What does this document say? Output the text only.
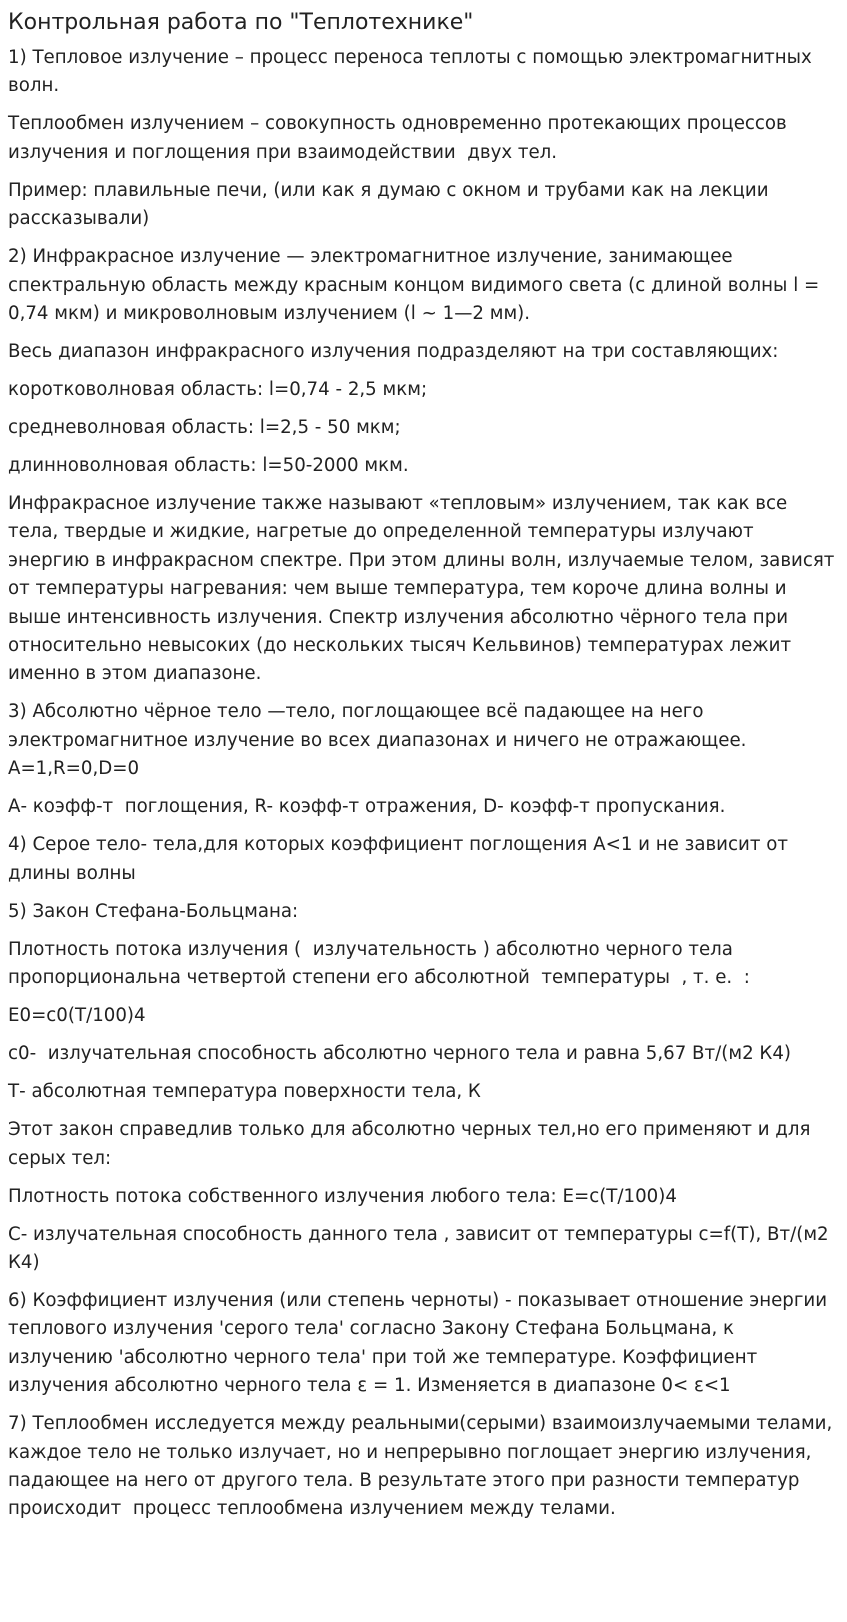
Контрольная работа по "Теплотехнике"

1) Тепловое излучение – процесс переноса теплоты с помощью электромагнитных волн.

Теплообмен излучением – совокупность одновременно протекающих процессов излучения и поглощения при взаимодействии  двух тел.

Пример: плавильные печи, (или как я думаю с окном и трубами как на лекции рассказывали)

2) Инфракрасное излучение — электромагнитное излучение, занимающее спектральную область между красным концом видимого света (с длиной волны l = 0,74 мкм) и микроволновым излучением (l ~ 1—2 мм).

Весь диапазон инфракрасного излучения подразделяют на три составляющих:

коротковолновая область: l=0,74 - 2,5 мкм;

средневолновая область: l=2,5 - 50 мкм;

длинноволновая область: l=50-2000 мкм.

Инфракрасное излучение также называют «тепловым» излучением, так как все тела, твердые и жидкие, нагретые до определенной температуры излучают энергию в инфракрасном спектре. При этом длины волн, излучаемые телом, зависят от температуры нагревания: чем выше температура, тем короче длина волны и выше интенсивность излучения. Спектр излучения абсолютно чёрного тела при относительно невысоких (до нескольких тысяч Кельвинов) температурах лежит именно в этом диапазоне.

3) Абсолютно чёрное тело —тело, поглощающее всё падающее на него электромагнитное излучение во всех диапазонах и ничего не отражающее. А=1,R=0,D=0

А- коэфф-т  поглощения, R- коэфф-т отражения, D- коэфф-т пропускания.

4) Серое тело- тела,для которых коэффициент поглощения А<1 и не зависит от длины волны

5) Закон Стефана-Больцмана:

Плотность потока излучения (  излучательность ) абсолютно черного тела пропорциональна четвертой степени его абсолютной  температуры  , т. е.  :

E0=c0(T/100)4

c0-  излучательная способность абсолютно черного тела и равна 5,67 Вт/(м2 К4)

Т- абсолютная температура поверхности тела, К

Этот закон справедлив только для абсолютно черных тел,но его применяют и для серых тел:

Плотность потока собственного излучения любого тела: E=c(T/100)4

С- излучательная способность данного тела , зависит от температуры c=f(T), Вт/(м2 К4)

6) Коэффициент излучения (или степень черноты) - показывает отношение энергии теплового излучения 'серого тела' согласно Закону Стефана Больцмана, к излучению 'абсолютно черного тела' при той же температуре. Коэффициент излучения абсолютно черного тела ε = 1. Изменяется в диапазоне 0< ε<1

7) Теплообмен исследуется между реальными(серыми) взаимоизлучаемыми телами, каждое тело не только излучает, но и непрерывно поглощает энергию излучения, падающее на него от другого тела. В результате этого при разности температур происходит  процесс теплообмена излучением между телами.
